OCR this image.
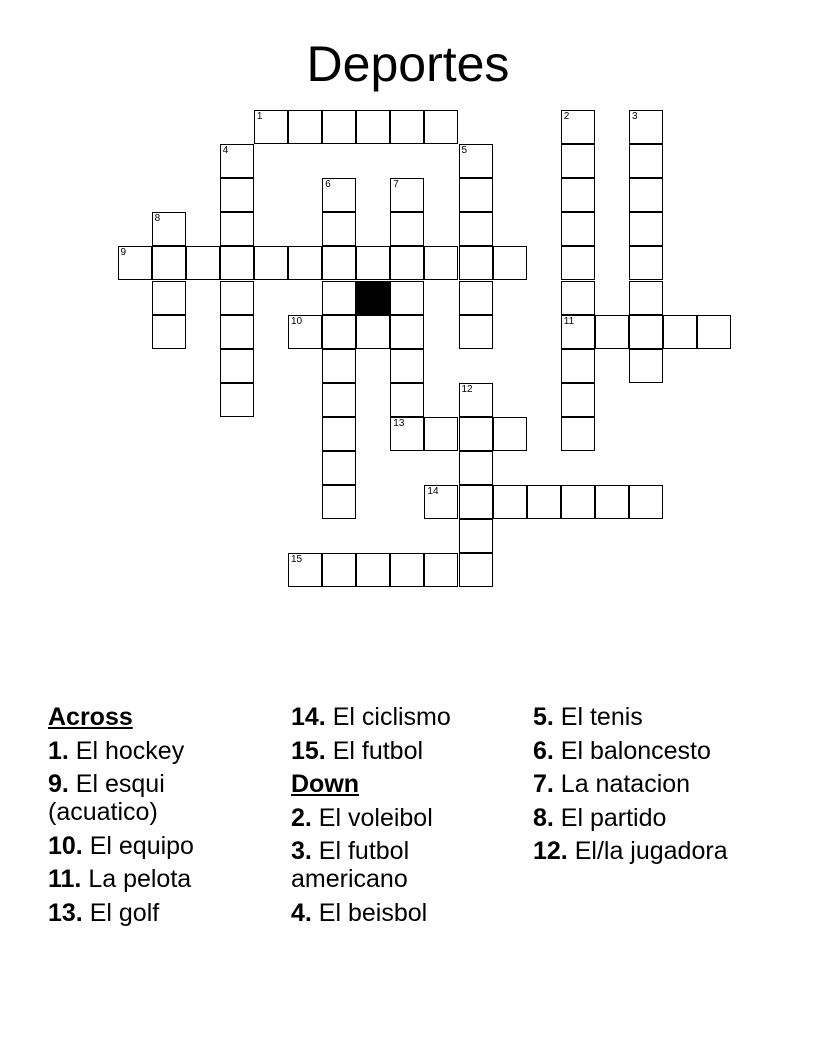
Deportes
1
4	5
6	7
8
9
10
12
13
14
15
2
11
3
Across
1. El hockey
9. El esqui (acuatico)
10. El equipo
11. La pelota
13. El golf
14. El ciclismo
15. El futbol
Down
2. El voleibol
3. El futbol americano
4. El beisbol
5. El tenis
6. El baloncesto
7. La natacion
8. El partido
12. El/la jugadora
